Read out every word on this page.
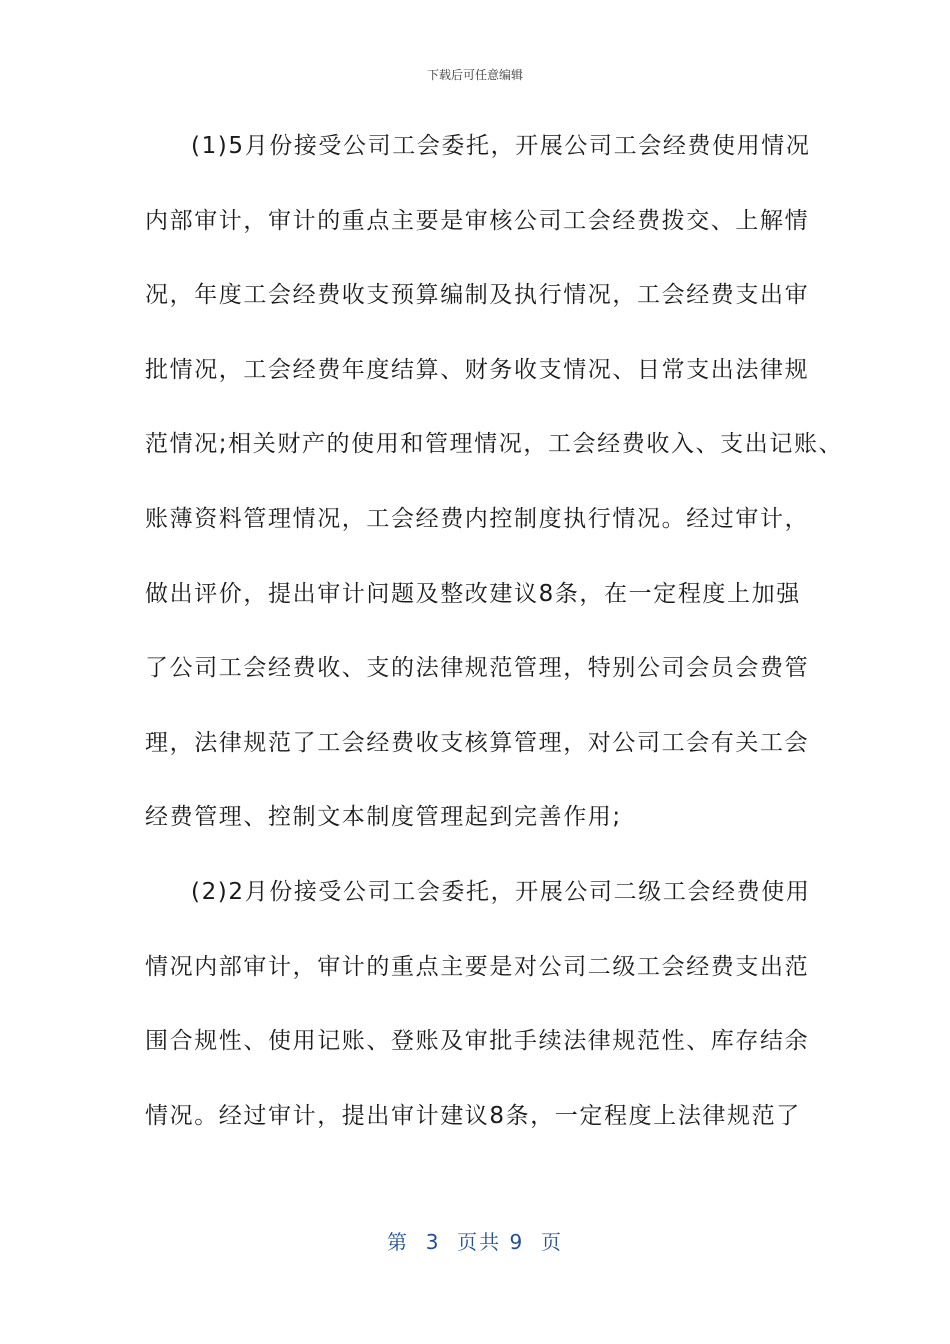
下载后可任意编辑
(1)5月份接受公司工会委托，开展公司工会经费使用情况
内部审计，审计的重点主要是审核公司工会经费拨交、上解情
况，年度工会经费收支预算编制及执行情况，工会经费支出审
批情况，工会经费年度结算、财务收支情况、日常支出法律规
范情况;相关财产的使用和管理情况，工会经费收入、支出记账、
账薄资料管理情况，工会经费内控制度执行情况。经过审计，
做出评价，提出审计问题及整改建议8条，在一定程度上加强
了公司工会经费收、支的法律规范管理，特别公司会员会费管
理，法律规范了工会经费收支核算管理，对公司工会有关工会
经费管理、控制文本制度管理起到完善作用;
(2)2月份接受公司工会委托，开展公司二级工会经费使用
情况内部审计，审计的重点主要是对公司二级工会经费支出范
围合规性、使用记账、登账及审批手续法律规范性、库存结余
情况。经过审计，提出审计建议8条，一定程度上法律规范了
第  3  页共 9  页
